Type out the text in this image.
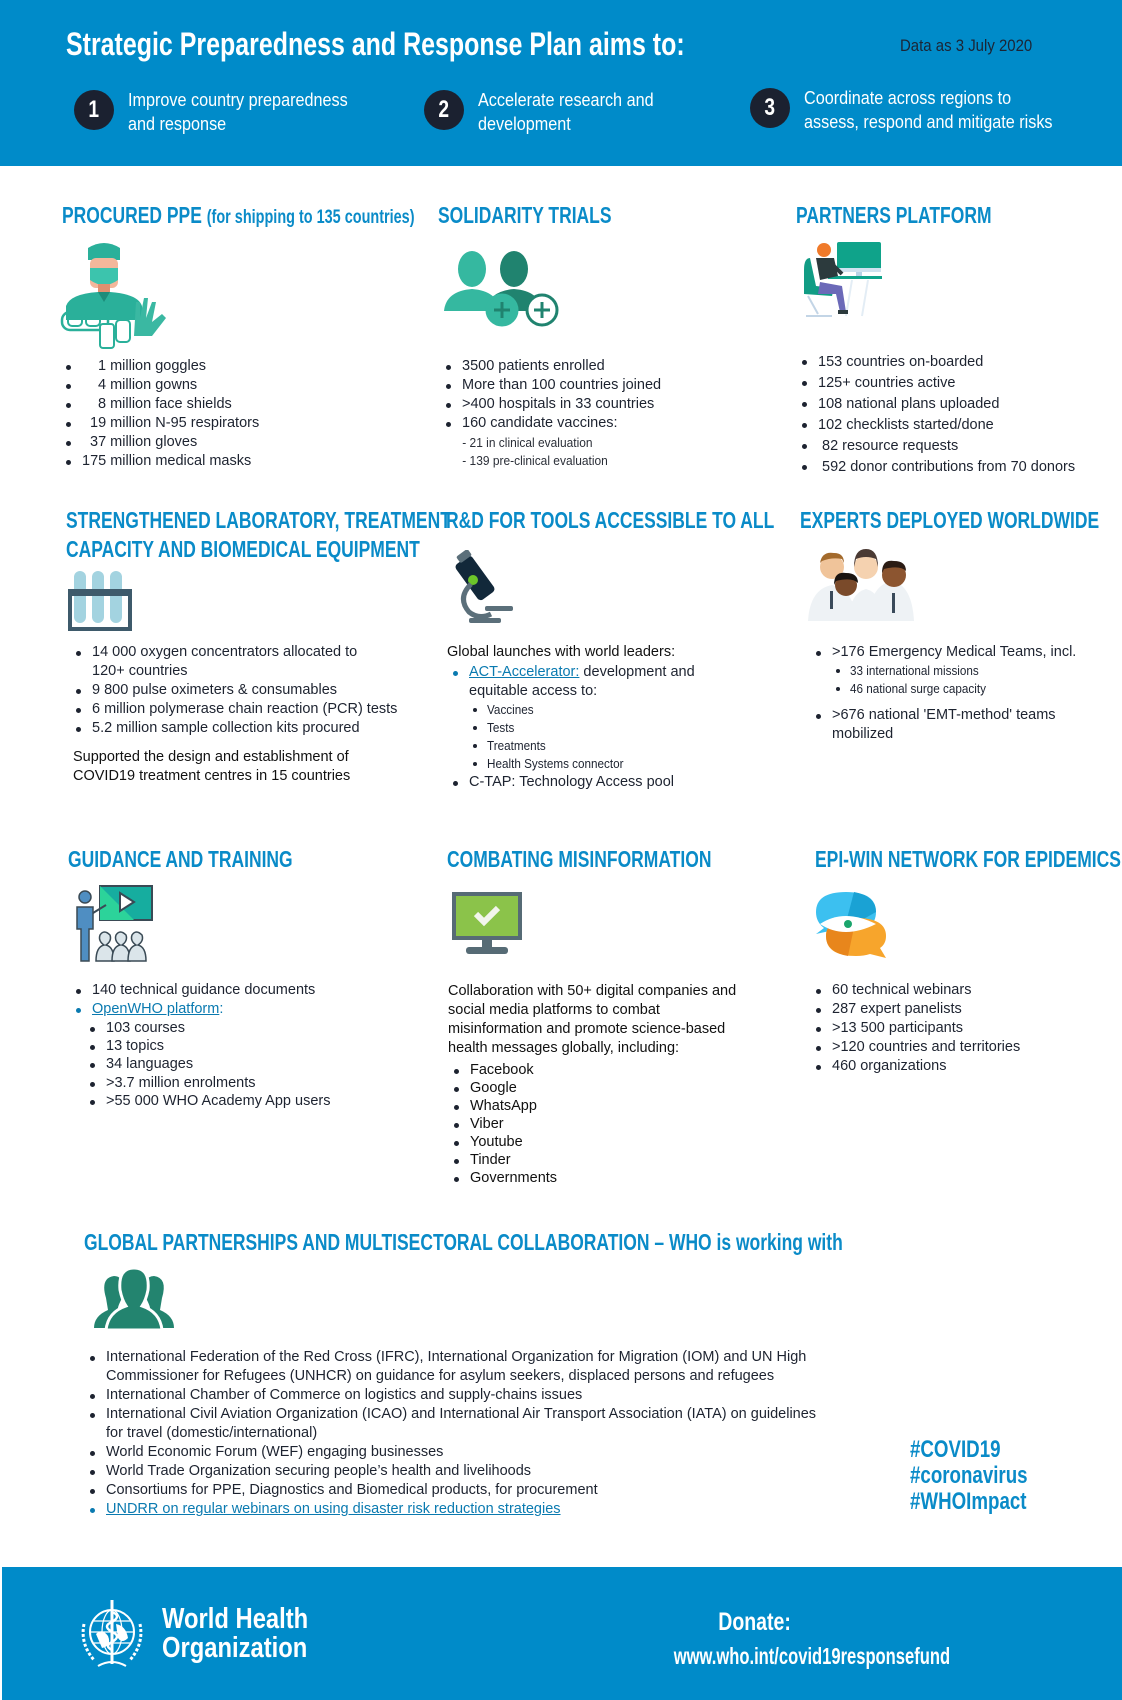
Strategic Preparedness and Response Plan aims to:	Data as 3 July 2020
1 Improve country preparedness
and response
2 Accelerate research and
development
3 Coordinate across regions to
assess, respond and mitigate risks
PROCURED PPE (for shipping to 135 countries)
1 million goggles
4 million gowns
8 million face shields
19 million N-95 respirators
37 million gloves
175 million medical masks
SOLIDARITY TRIALS
3500 patients enrolled
More than 100 countries joined
>400 hospitals in 33 countries
160 candidate vaccines:
- 21 in clinical evaluation
- 139 pre-clinical evaluation
PARTNERS PLATFORM
153 countries on-boarded
125+ countries active
108 national plans uploaded
102 checklists started/done
82 resource requests
592 donor contributions from 70 donors
STRENGTHENED LABORATORY, TREATMENT
CAPACITY AND BIOMEDICAL EQUIPMENT
14 000 oxygen concentrators allocated to
120+ countries
9 800 pulse oximeters & consumables
6 million polymerase chain reaction (PCR) tests
5.2 million sample collection kits procured
Supported the design and establishment of
COVID19 treatment centres in 15 countries
R&D FOR TOOLS ACCESSIBLE TO ALL
Global launches with world leaders:
ACT-Accelerator: development and
equitable access to:
Vaccines
Tests
Treatments
Health Systems connector
C-TAP: Technology Access pool
EXPERTS DEPLOYED WORLDWIDE
>176 Emergency Medical Teams, incl.
33 international missions
46 national surge capacity
>676 national 'EMT-method' teams
mobilized
GUIDANCE AND TRAINING
140 technical guidance documents
OpenWHO platform:
103 courses
13 topics
34 languages
>3.7 million enrolments
>55 000 WHO Academy App users
COMBATING MISINFORMATION
Collaboration with 50+ digital companies and
social media platforms to combat
misinformation and promote science-based
health messages globally, including:
Facebook
Google
WhatsApp
Viber
Youtube
Tinder
Governments
EPI-WIN NETWORK FOR EPIDEMICS
60 technical webinars
287 expert panelists
>13 500 participants
>120 countries and territories
460 organizations
GLOBAL PARTNERSHIPS AND MULTISECTORAL COLLABORATION – WHO is working with
International Federation of the Red Cross (IFRC), International Organization for Migration (IOM) and UN High
Commissioner for Refugees (UNHCR) on guidance for asylum seekers, displaced persons and refugees
International Chamber of Commerce on logistics and supply-chains issues
International Civil Aviation Organization (ICAO) and International Air Transport Association (IATA) on guidelines
for travel (domestic/international)
World Economic Forum (WEF) engaging businesses
World Trade Organization securing people’s health and livelihoods
Consortiums for PPE, Diagnostics and Biomedical products, for procurement
UNDRR on regular webinars on using disaster risk reduction strategies
#COVID19
#coronavirus
#WHOImpact
World Health
Organization
Donate:
www.who.int/covid19responsefund
